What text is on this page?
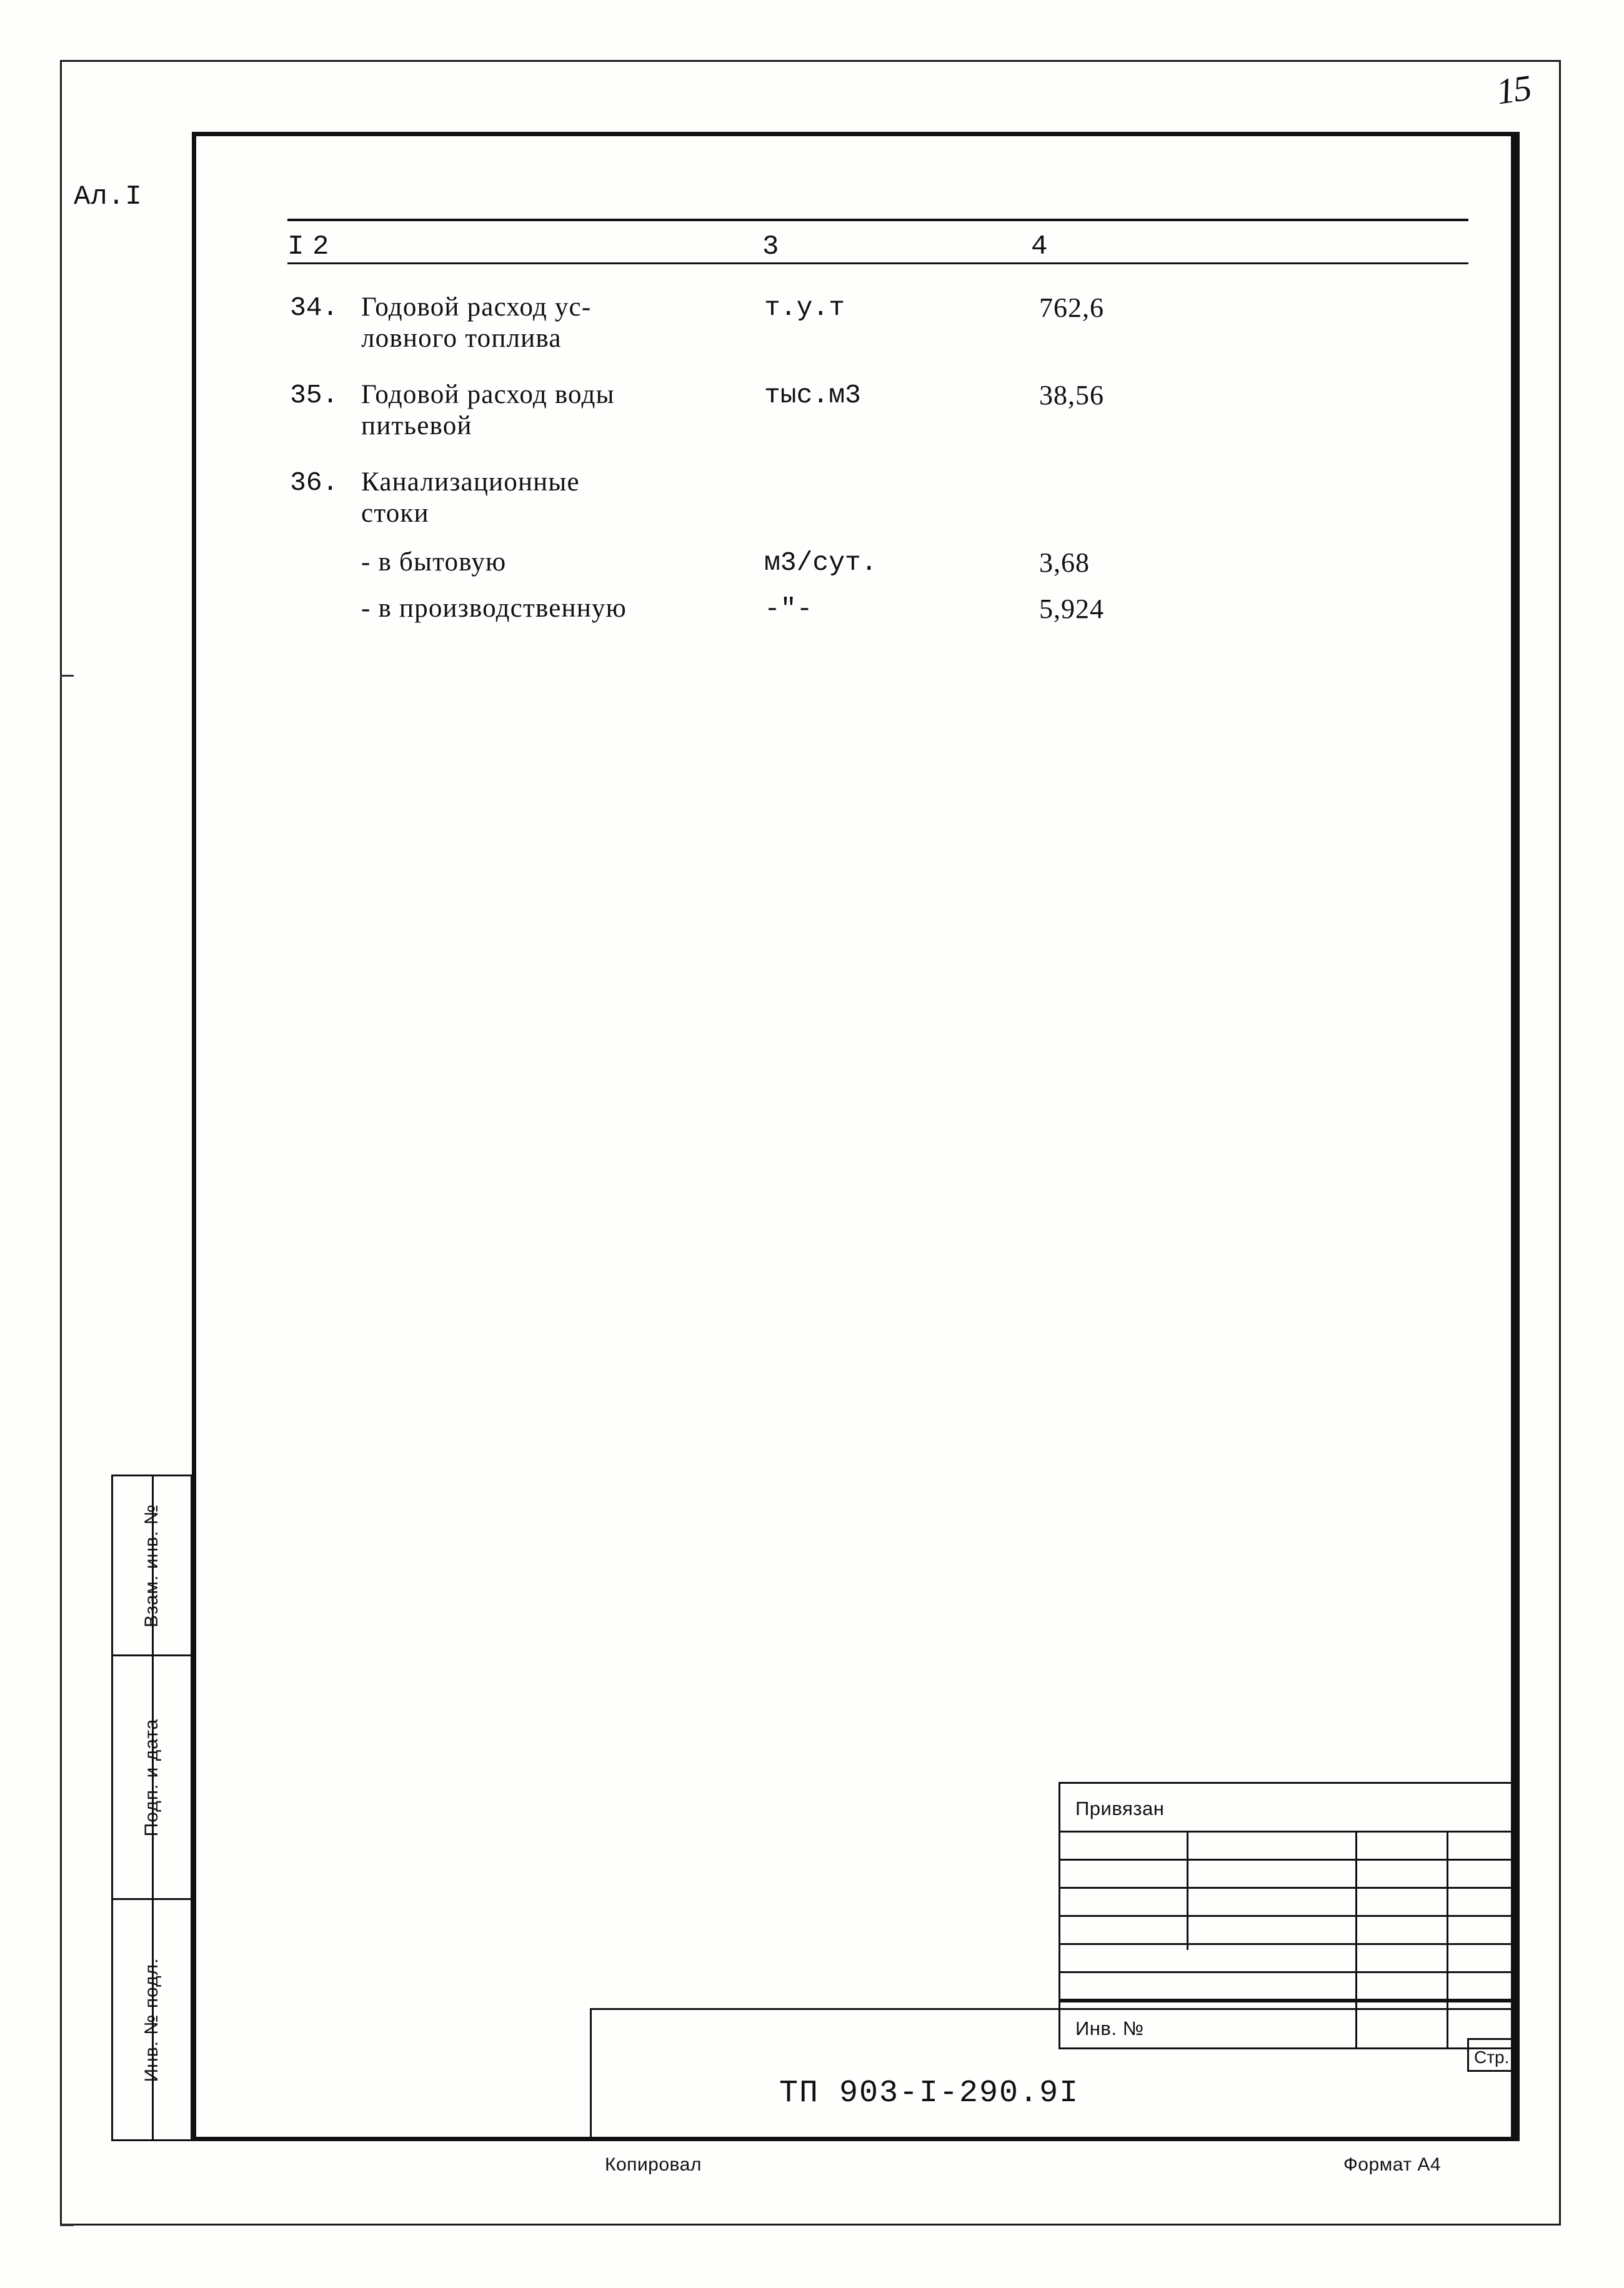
15
Ал.I
I 2	3	4
34. Годовой расход ус-
ловного топлива
т.у.т	762,6
35. Годовой расход воды
питьевой
тыс.м3	38,56
36. Канализационные
стоки
- в бытовую	м3/сут.	3,68
- в производственную	-"-	5,924
Взам. инв. №
Подп. и дата
Инв. № подл.
Привязан
Инв. №
ТП 903-I-290.9I
Стр.
Копировал	Формат А4
